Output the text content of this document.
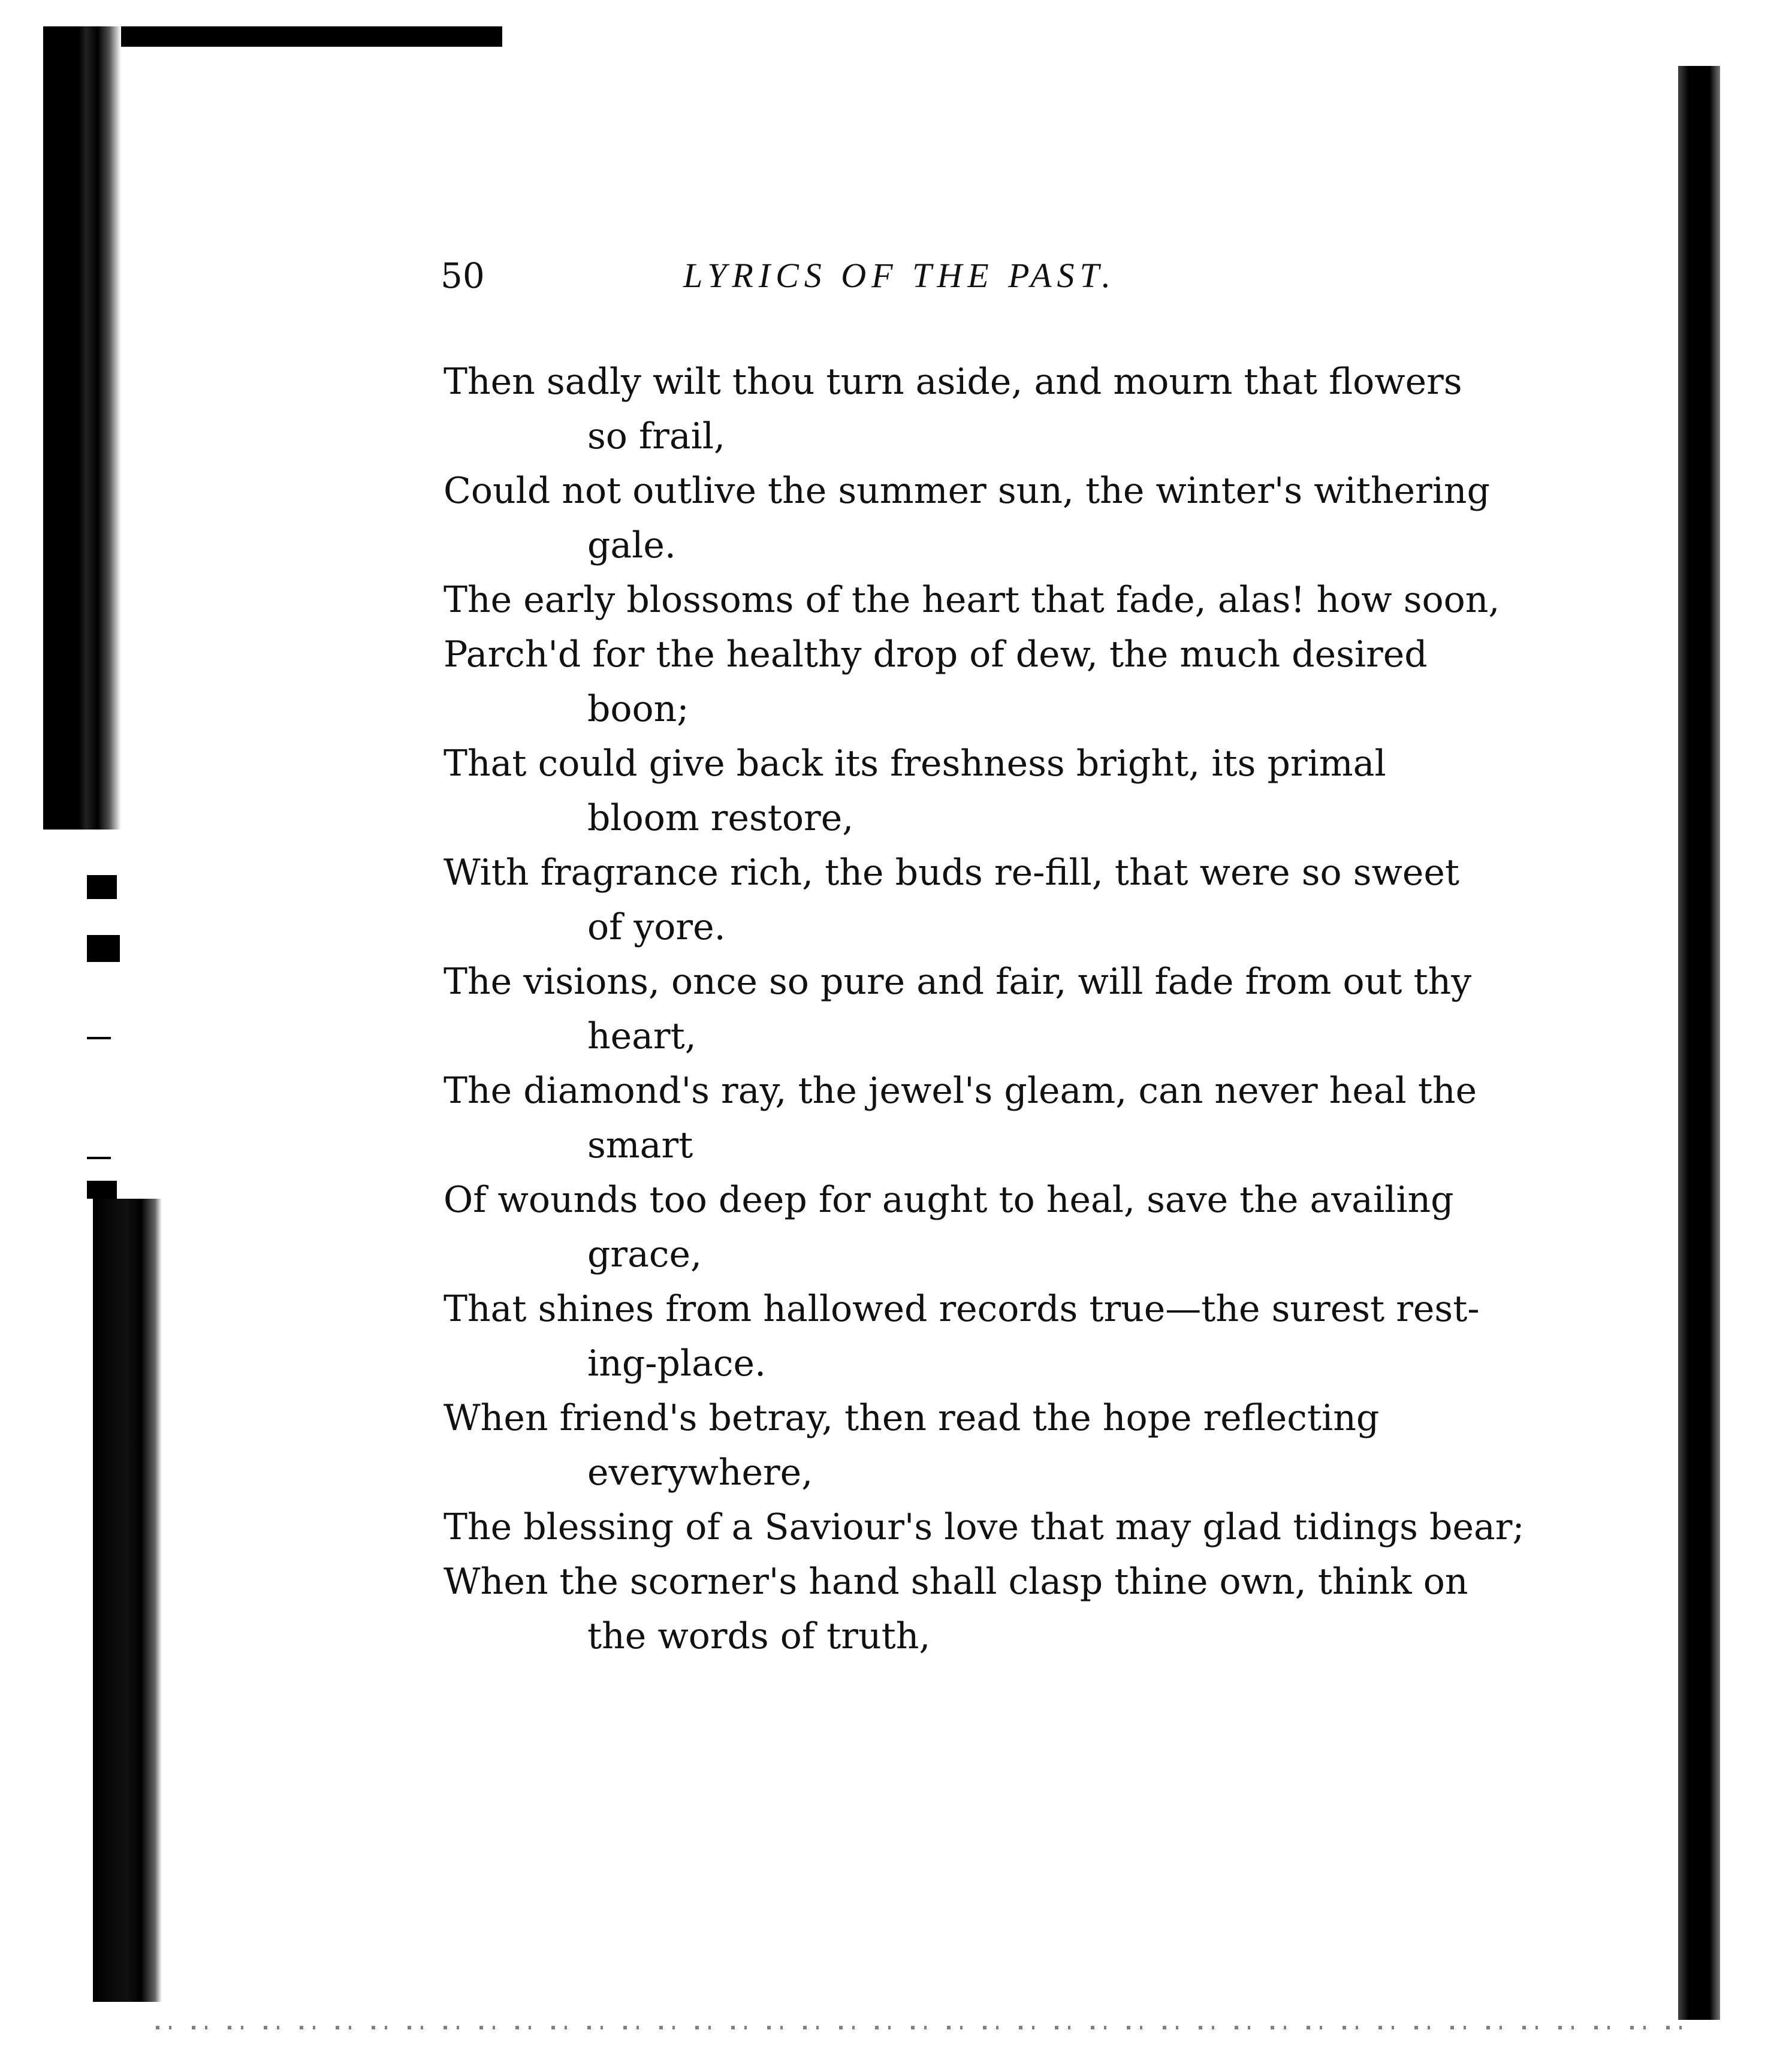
50	LYRICS OF THE PAST.
Then sadly wilt thou turn aside, and mourn that flowers
so frail,
Could not outlive the summer sun, the winter's withering
gale.
The early blossoms of the heart that fade, alas! how soon,
Parch'd for the healthy drop of dew, the much desired
boon;
That could give back its freshness bright, its primal
bloom restore,
With fragrance rich, the buds re-fill, that were so sweet
of yore.
The visions, once so pure and fair, will fade from out thy
heart,
The diamond's ray, the jewel's gleam, can never heal the
smart
Of wounds too deep for aught to heal, save the availing
grace,
That shines from hallowed records true—the surest rest-
ing-place.
When friend's betray, then read the hope reflecting
everywhere,
The blessing of a Saviour's love that may glad tidings bear;
When the scorner's hand shall clasp thine own, think on
the words of truth,
